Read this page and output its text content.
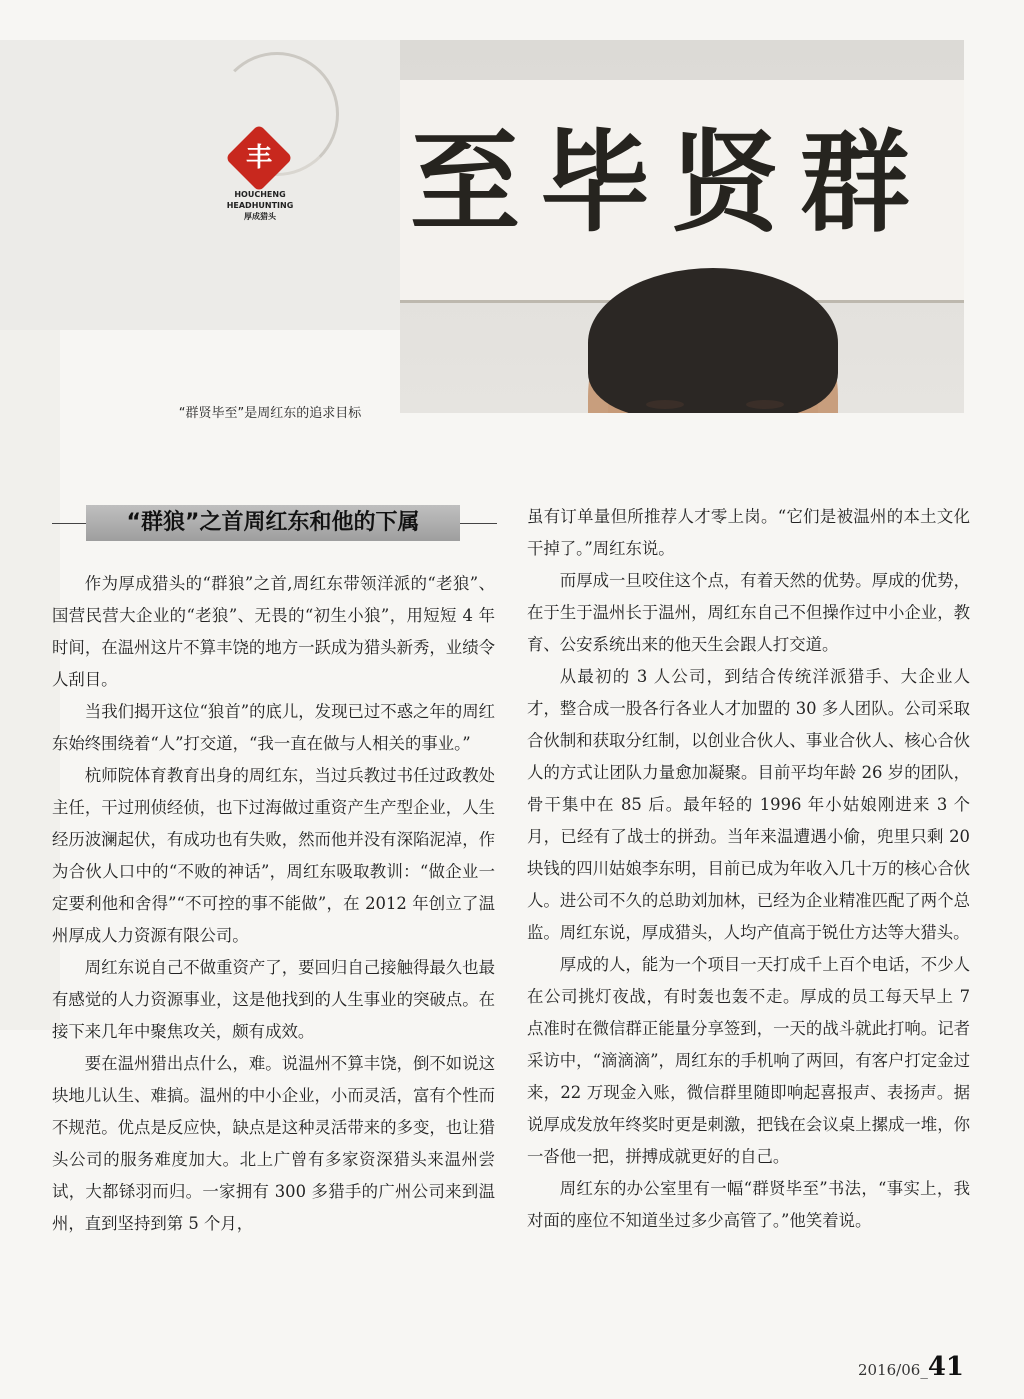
丰
HOUCHENG
HEADHUNTING
厚成猎头	至毕贤群
“群贤毕至”是周红东的追求目标
“群狼”之首周红东和他的下属

作为厚成猎头的“群狼”之首,周红东带领洋派的“老狼”、国营民营大企业的“老狼”、无畏的“初生小狼”，用短短 4 年时间，在温州这片不算丰饶的地方一跃成为猎头新秀，业绩令人刮目。

当我们揭开这位“狼首”的底儿，发现已过不惑之年的周红东始终围绕着“人”打交道，“我一直在做与人相关的事业。”

杭师院体育教育出身的周红东，当过兵教过书任过政教处主任，干过刑侦经侦，也下过海做过重资产生产型企业，人生经历波澜起伏，有成功也有失败，然而他并没有深陷泥淖，作为合伙人口中的“不败的神话”，周红东吸取教训：“做企业一定要利他和舍得”“不可控的事不能做”，在 2012 年创立了温州厚成人力资源有限公司。

周红东说自己不做重资产了，要回归自己接触得最久也最有感觉的人力资源事业，这是他找到的人生事业的突破点。在接下来几年中聚焦攻关，颇有成效。

要在温州猎出点什么，难。说温州不算丰饶，倒不如说这块地儿认生、难搞。温州的中小企业，小而灵活，富有个性而不规范。优点是反应快，缺点是这种灵活带来的多变，也让猎头公司的服务难度加大。北上广曾有多家资深猎头来温州尝试，大都铩羽而归。一家拥有 300 多猎手的广州公司来到温州，直到坚持到第 5 个月，

虽有订单量但所推荐人才零上岗。“它们是被温州的本土文化干掉了。”周红东说。

而厚成一旦咬住这个点，有着天然的优势。厚成的优势，在于生于温州长于温州，周红东自己不但操作过中小企业，教育、公安系统出来的他天生会跟人打交道。

从最初的 3 人公司，到结合传统洋派猎手、大企业人才，整合成一股各行各业人才加盟的 30 多人团队。公司采取合伙制和获取分红制，以创业合伙人、事业合伙人、核心合伙人的方式让团队力量愈加凝聚。目前平均年龄 26 岁的团队，骨干集中在 85 后。最年轻的 1996 年小姑娘刚进来 3 个月，已经有了战士的拼劲。当年来温遭遇小偷，兜里只剩 20 块钱的四川姑娘李东明，目前已成为年收入几十万的核心合伙人。进公司不久的总助刘加林，已经为企业精准匹配了两个总监。周红东说，厚成猎头，人均产值高于锐仕方达等大猎头。

厚成的人，能为一个项目一天打成千上百个电话，不少人在公司挑灯夜战，有时轰也轰不走。厚成的员工每天早上 7 点准时在微信群正能量分享签到，一天的战斗就此打响。记者采访中，“滴滴滴”，周红东的手机响了两回，有客户打定金过来，22 万现金入账，微信群里随即响起喜报声、表扬声。据说厚成发放年终奖时更是刺激，把钱在会议桌上摞成一堆，你一沓他一把，拼搏成就更好的自己。

周红东的办公室里有一幅“群贤毕至”书法，“事实上，我对面的座位不知道坐过多少高管了。”他笑着说。

2016/06_41
